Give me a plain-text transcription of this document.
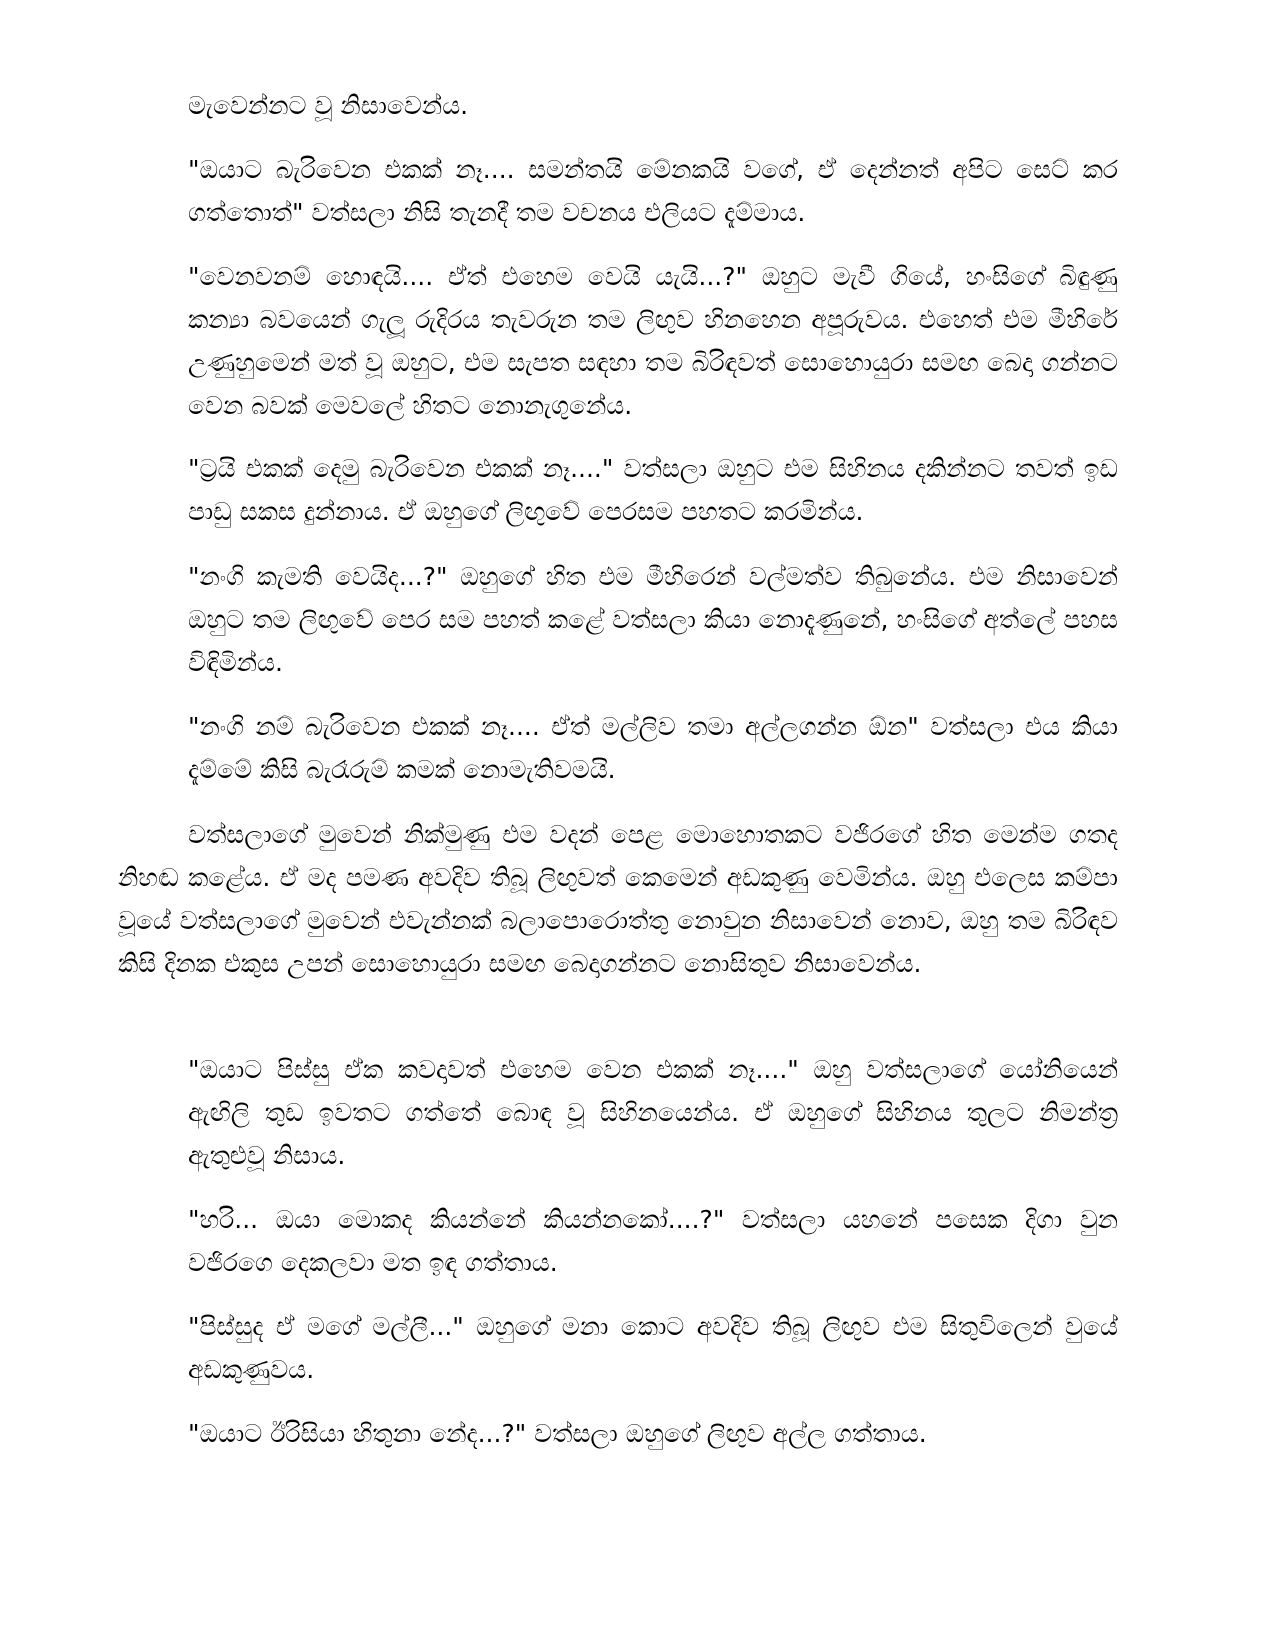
මැවෙන්නට වූ නිසාවෙන්ය.

"ඔයාට බැරිවෙන එකක් නෑ.... සමන්තයි මේනකයි වගේ, ඒ දෙන්නත් අපිට සෙට් කර ගත්තොත්" වත්සලා නිසි තැනදී තම වචනය එලියට දැම්මාය.

"වෙනවනම් හොඳයි.... ඒත් එහෙම වෙයි යැයි...?" ඔහුට මැවී ගියේ, හංසිගේ බිඳුණු කන්‍යා බවයෙන් ගැලූ රුදිරය තැවරුන තම ලිඟුව හිනහෙන අපූරුවය. එහෙත් එම මීහිරේ උණුහුමෙන් මත් වූ ඔහුට, එම සැපත සඳහා තම බිරිඳවත් සොහොයුරා සමඟ බෙදා ගන්නට වෙන බවක් මෙවලේ හිතට නොනැගුනේය.

"ට්‍රයි එකක් දෙමු බැරිවෙන එකක් නෑ...." වත්සලා ඔහුට එම සිහිනය දකින්නට තවත් ඉඩ පාඩු සකස දුන්නාය. ඒ ඔහුගේ ලිඟුවේ පෙරසම පහතට කරමින්ය.

"නංගි කැමති වෙයිද...?" ඔහුගේ හිත එම මීහිරෙන් වල්මත්ව තිබුනේය. එම නිසාවෙන් ඔහුට තම ලිඟුවේ පෙර සම පහත් කළේ වත්සලා කියා නොදැණුනේ, හංසිගේ අත්ලේ පහස විඳිමින්ය.

"නංගි නම් බැරිවෙන එකක් නෑ.... ඒත් මල්ලිව තමා අල්ලගන්න ඕන" වත්සලා එය කියා දැම්මේ කිසි බැරෑරුම් කමක් නොමැතිවමයි.

වත්සලාගේ මුවෙන් නික්මුණු එම වදන් පෙළ මොහොතකට වජිරගේ හිත මෙන්ම ගතද නිහඬ කළේය. ඒ මද පමණ අවදිව තිබූ ලිඟුවත් කෙමෙන් අඩකුණු වෙමින්ය. ඔහු එලෙස කම්පා වූයේ වත්සලාගේ මුවෙන් එවැන්නක් බලාපොරොත්තු නොවුන නිසාවෙන් නොව, ඔහු තම බිරිඳව කිසි දිනක එකුස උපන් සොහොයුරා සමඟ බෙදාගන්නට නොසිතුව නිසාවෙන්ය.

"ඔයාට පිස්සු ඒක කවදාවත් එහෙම වෙන එකක් නෑ...." ඔහු වත්සලාගේ යෝනියෙන් ඇඟිලි තුඩ ඉවතට ගත්තේ බොඳ වූ සිහිනයෙන්ය. ඒ ඔහුගේ සිහිනය තුලට නිමන්ත්‍ර ඇතුළුවූ නිසාය.

"හරි... ඔයා මොකද කියන්නේ කියන්නකෝ....?" වත්සලා යහනේ පසෙක දිගා වුන වජිරගෙ දෙකලවා මත ඉඳ ගත්තාය.

"පිස්සුද ඒ මගේ මල්ලී..." ඔහුගේ මනා කොට අවදිව තිබූ ලිඟුව එම සිතුවිලෙන් වුයේ අඩකුණුවය.

"ඔයාට ඊරිසියා හිතුනා නේද...?" වත්සලා ඔහුගේ ලිඟුව අල්ල ගත්තාය.
